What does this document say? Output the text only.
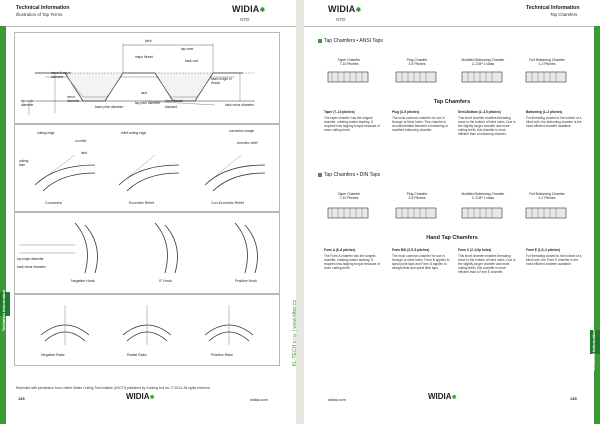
Technical Information
Illustration of Tap Terms
WIDIA✸
GTD
Technical Information
pitch
tap crest
major thread
back root
minor & major diameter
tap major diameter
minor diameter
basic height of thread
basic pitch diameter
tap pitch diameter
land
basic thread
backend	back minor diameter
cutting edge
no relief
land
cutting face
relief cutting edge	concentric margin
eccentric relief
Concentric	Eccentric Relief	Con-Eccentric Relief
top major diameter
back minor diameter
Negative Hook	0° Hook	Positive Hook
Negative Rake	Radial Rake	Positive Rake
Reprinted with permission from United States Cutting Tool Institute (USCTI) published by Guhring tool inc. © 2014. All rights reserved.
126	WIDIA✸	widia.com
KL-TECH s.r.o. | www.kltec.cz
WIDIA✸
GTD
Technical Information
Tap Chamfers
Technical Information
Tap Chamfers • ANSI Taps
Taper Chamfer
7-10 Pitches
Plug Chamfer
3-5 Pitches
Modified Bottoming Chamfer
2–3,5P 1 class
Full Bottoming Chamfer
1-2 Pitches
Tap Chamfers
Taper (7–10 pitches)
The taper chamfer has the longest chamfer, creating easier starting. It requires less tapping torque because of more cutting teeth.
Plug (3–5 pitches)
The most common chamfer for use in through or blind holes. This chamfer is an intermediate between a bottoming or modified bottoming chamfer.
Semi-Bottom (2–3,5 pitches)
This short chamfer enables threading close to the bottom of blind holes. Due to the slightly longer chamfer and more cutting teeth, this chamfer is more efficient than a bottoming chamfer.
Bottoming (1–2 pitches)
For threading closest to the bottom of a blind hole, the bottoming chamfer is the most efficient chamfer available.
Tap Chamfers • DIN Taps
Taper Chamfer
7-10 Pitches
Plug Chamfer
3-5 Pitches
Modified Bottoming Chamfer
2–3,5P 1 class
Full Bottoming Chamfer
1-2 Pitches
Hand Tap Chamfers
Form A (6–8 pitches)
The Form A chamfer has the longest chamfer, creating easier starting. It requires less tapping torque because of more cutting teeth.
Form B/D (3,5–5 pitches)
The most common chamfer for use in through or blind holes. Form B applies to spiral point taps and Form D applies to straight flute and spiral flute taps.
Form C (2–3,5p holes)
This short chamfer enables threading close to the bottom of blind holes. Due to the slightly longer chamfer and more cutting teeth, this chamfer is more efficient than a Form E chamfer.
Form E (1,5–2 pitches)
For threading closest to the bottom of a blind hole, the Form E chamfer is the most efficient chamfer available.
widia.com	WIDIA✸	135
